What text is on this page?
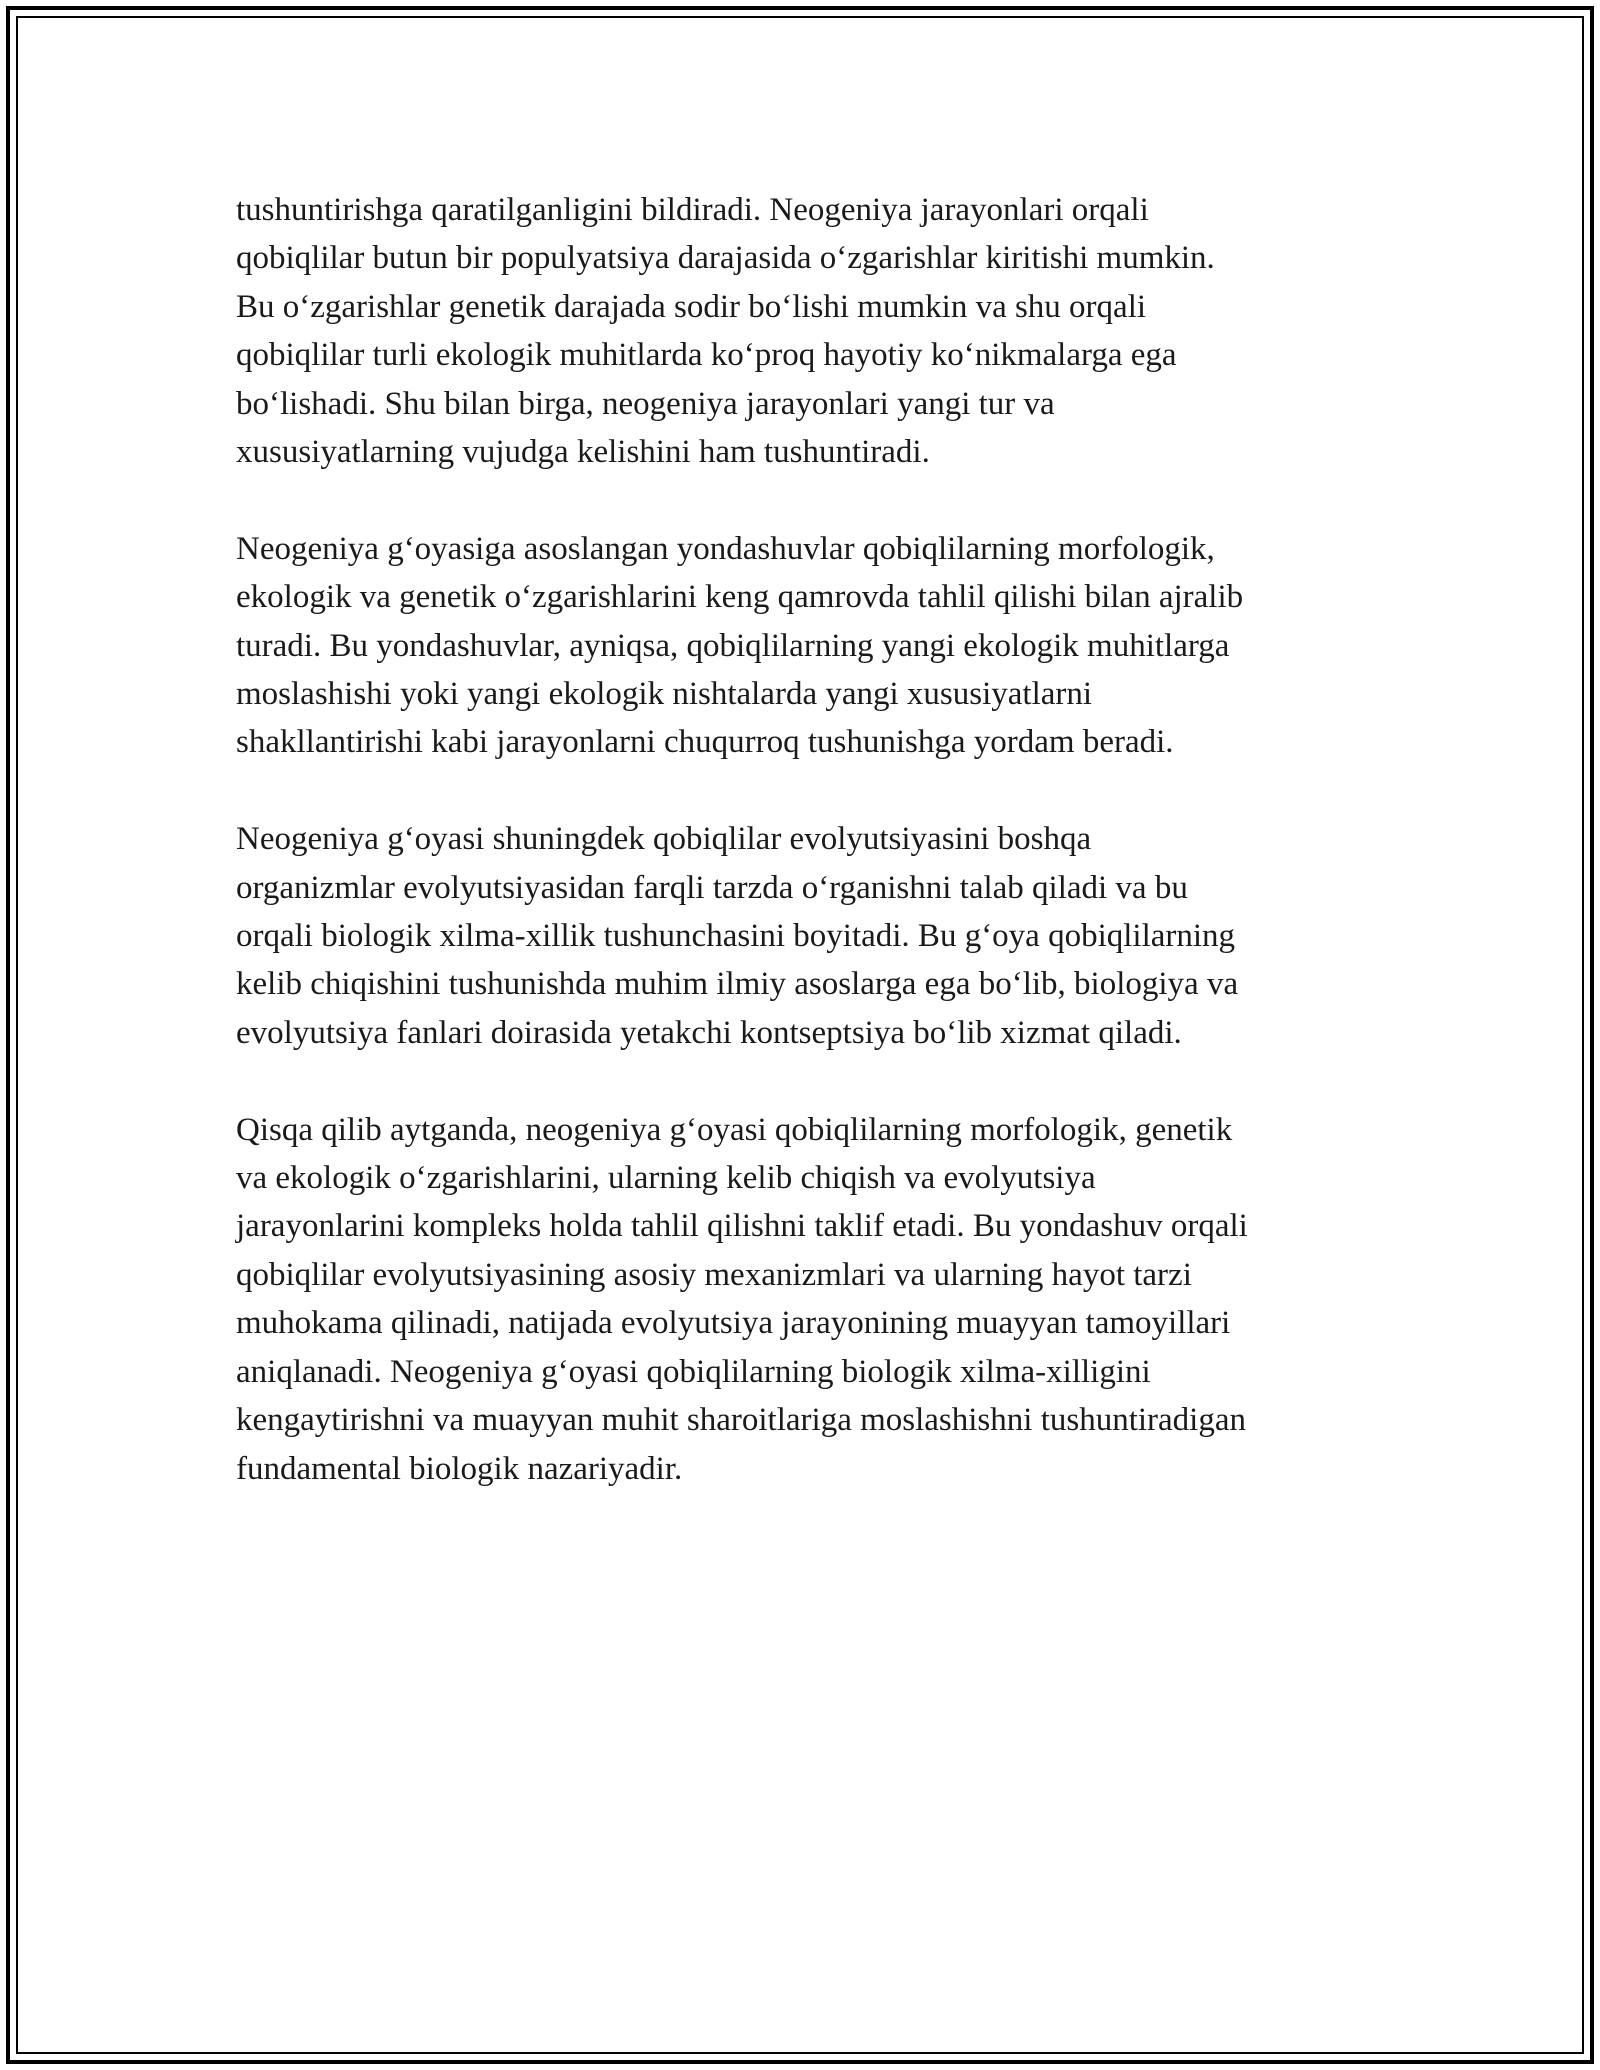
tushuntirishga qaratilganligini bildiradi. Neogeniya jarayonlari orqali
qobiqlilar butun bir populyatsiya darajasida o‘zgarishlar kiritishi mumkin.
Bu o‘zgarishlar genetik darajada sodir bo‘lishi mumkin va shu orqali
qobiqlilar turli ekologik muhitlarda ko‘proq hayotiy ko‘nikmalarga ega
bo‘lishadi. Shu bilan birga, neogeniya jarayonlari yangi tur va
xususiyatlarning vujudga kelishini ham tushuntiradi.

Neogeniya g‘oyasiga asoslangan yondashuvlar qobiqlilarning morfologik,
ekologik va genetik o‘zgarishlarini keng qamrovda tahlil qilishi bilan ajralib
turadi. Bu yondashuvlar, ayniqsa, qobiqlilarning yangi ekologik muhitlarga
moslashishi yoki yangi ekologik nishtalarda yangi xususiyatlarni
shakllantirishi kabi jarayonlarni chuqurroq tushunishga yordam beradi.

Neogeniya g‘oyasi shuningdek qobiqlilar evolyutsiyasini boshqa
organizmlar evolyutsiyasidan farqli tarzda o‘rganishni talab qiladi va bu
orqali biologik xilma-xillik tushunchasini boyitadi. Bu g‘oya qobiqlilarning
kelib chiqishini tushunishda muhim ilmiy asoslarga ega bo‘lib, biologiya va
evolyutsiya fanlari doirasida yetakchi kontseptsiya bo‘lib xizmat qiladi.

Qisqa qilib aytganda, neogeniya g‘oyasi qobiqlilarning morfologik, genetik
va ekologik o‘zgarishlarini, ularning kelib chiqish va evolyutsiya
jarayonlarini kompleks holda tahlil qilishni taklif etadi. Bu yondashuv orqali
qobiqlilar evolyutsiyasining asosiy mexanizmlari va ularning hayot tarzi
muhokama qilinadi, natijada evolyutsiya jarayonining muayyan tamoyillari
aniqlanadi. Neogeniya g‘oyasi qobiqlilarning biologik xilma-xilligini
kengaytirishni va muayyan muhit sharoitlariga moslashishni tushuntiradigan
fundamental biologik nazariyadir.
